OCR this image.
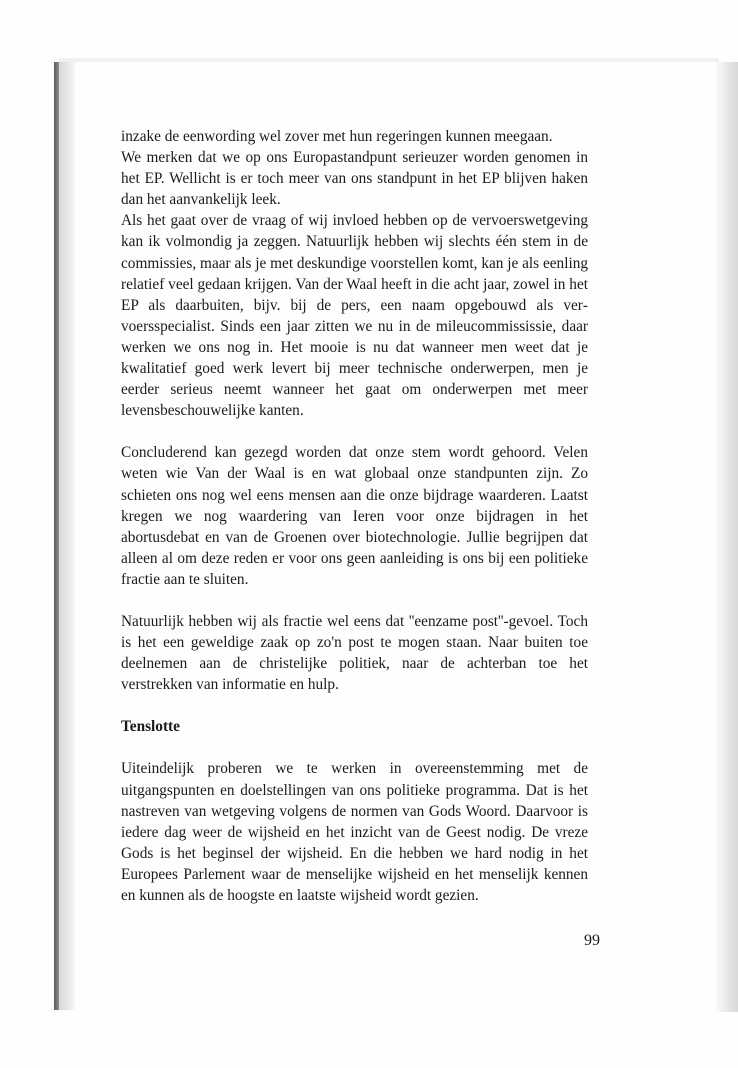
inzake de eenwording wel zover met hun regeringen kunnen meegaan.

We merken dat we op ons Europastandpunt serieuzer worden genomen in het EP. Wellicht is er toch meer van ons standpunt in het EP blijven haken dan het aanvankelijk leek.

Als het gaat over de vraag of wij invloed hebben op de vervoerswetgeving kan ik volmondig ja zeggen. Natuurlijk hebben wij slechts één stem in de commissies, maar als je met deskundige voorstellen komt, kan je als eenling relatief veel gedaan krijgen. Van der Waal heeft in die acht jaar, zowel in het EP als daarbuiten, bijv. bij de pers, een naam opgebouwd als vervoersspecialist. Sinds een jaar zitten we nu in de mileucommississie, daar werken we ons nog in. Het mooie is nu dat wanneer men weet dat je kwalitatief goed werk levert bij meer technische onderwerpen, men je eerder serieus neemt wanneer het gaat om onderwerpen met meer levensbeschouwelijke kanten.

Concluderend kan gezegd worden dat onze stem wordt gehoord. Velen weten wie Van der Waal is en wat globaal onze standpunten zijn. Zo schieten ons nog wel eens mensen aan die onze bijdrage waarderen. Laatst kregen we nog waardering van Ieren voor onze bijdragen in het abortusdebat en van de Groenen over biotechnologie. Jullie begrijpen dat alleen al om deze reden er voor ons geen aanleiding is ons bij een politieke fractie aan te sluiten.

Natuurlijk hebben wij als fractie wel eens dat ''eenzame post''-gevoel. Toch is het een geweldige zaak op zo'n post te mogen staan. Naar buiten toe deelnemen aan de christelijke politiek, naar de achterban toe het verstrekken van informatie en hulp.

Tenslotte

Uiteindelijk proberen we te werken in overeenstemming met de uitgangspunten en doelstellingen van ons politieke programma. Dat is het nastreven van wetgeving volgens de normen van Gods Woord. Daarvoor is iedere dag weer de wijsheid en het inzicht van de Geest nodig. De vreze Gods is het beginsel der wijsheid. En die hebben we hard nodig in het Europees Parlement waar de menselijke wijsheid en het menselijk kennen en kunnen als de hoogste en laatste wijsheid wordt gezien.

99
